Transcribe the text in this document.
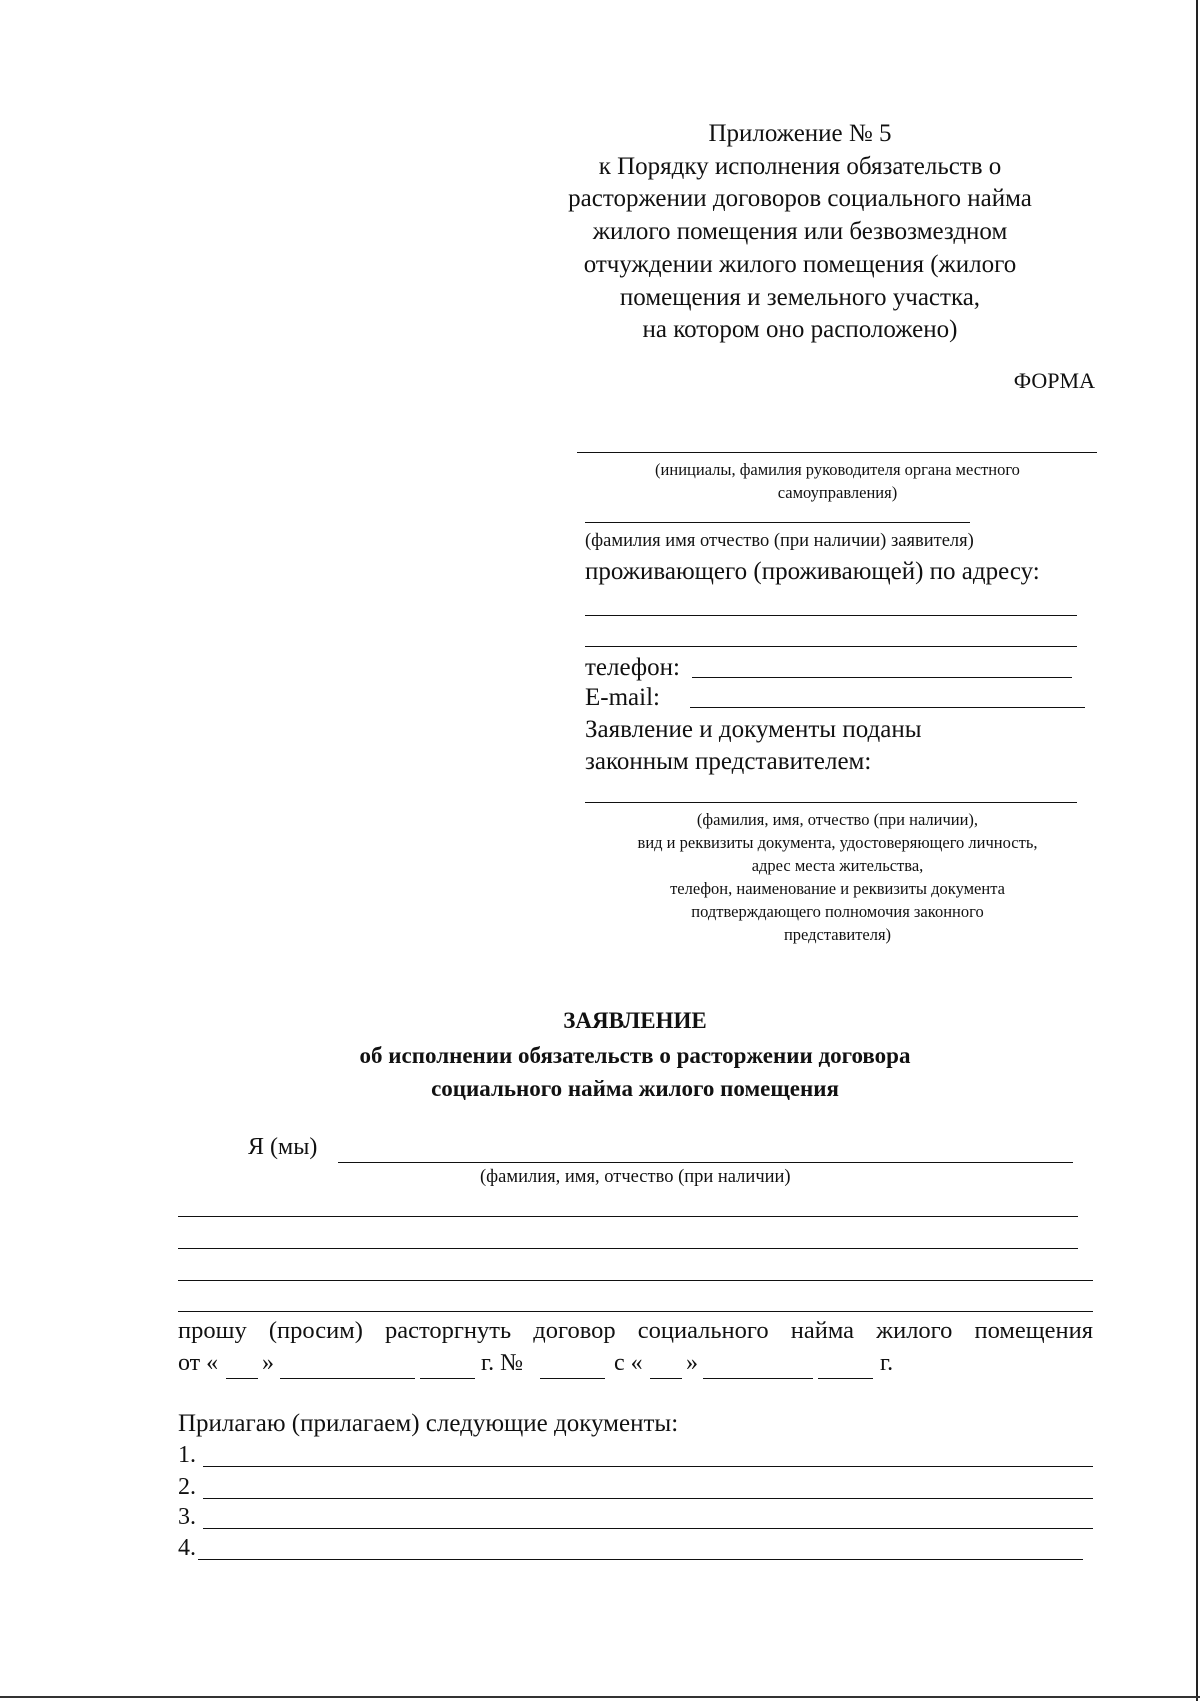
Приложение № 5
к Порядку исполнения обязательств о
расторжении договоров социального найма
жилого помещения или безвозмездном
отчуждении жилого помещения (жилого
помещения и земельного участка,
на котором оно расположено)
ФОРМА
(инициалы, фамилия руководителя органа местного
самоуправления)
(фамилия имя отчество (при наличии) заявителя)
проживающего (проживающей) по адресу:
телефон:
E-mail:
Заявление и документы поданы
законным представителем:
(фамилия, имя, отчество (при наличии),
вид и реквизиты документа, удостоверяющего личность,
адрес места жительства,
телефон, наименование и реквизиты документа
подтверждающего полномочия законного
представителя)
ЗАЯВЛЕНИЕ
об исполнении обязательств о расторжении договора
социального найма жилого помещения
Я (мы)
(фамилия, имя, отчество (при наличии)
прошу (просим) расторгнуть договор социального найма жилого помещения
от « »	г. №	с « »	г.
Прилагаю (прилагаем) следующие документы:
1.
2.
3.
4.
